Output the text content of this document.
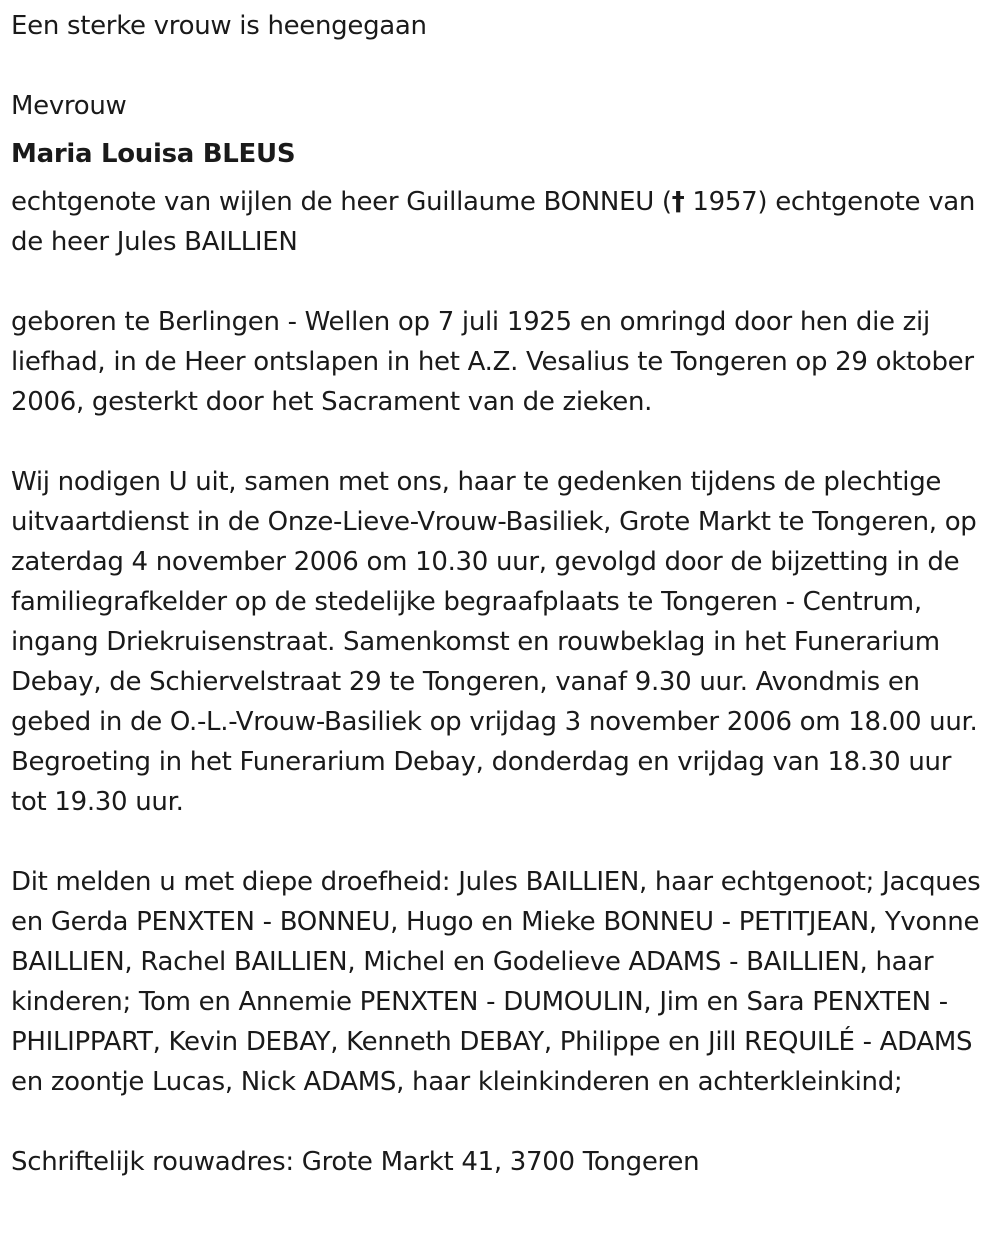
Een sterke vrouw is heengegaan

Mevrouw

Maria Louisa BLEUS

echtgenote van wijlen de heer Guillaume BONNEU († 1957) echtgenote van de heer Jules BAILLIEN

geboren te Berlingen - Wellen op 7 juli 1925 en omringd door hen die zij liefhad, in de Heer ontslapen in het A.Z. Vesalius te Tongeren op 29 oktober 2006, gesterkt door het Sacrament van de zieken.

Wij nodigen U uit, samen met ons, haar te gedenken tijdens de plechtige uitvaartdienst in de Onze-Lieve-Vrouw-Basiliek, Grote Markt te Tongeren, op zaterdag 4 november 2006 om 10.30 uur, gevolgd door de bijzetting in de familiegrafkelder op de stedelijke begraafplaats te Tongeren - Centrum, ingang Driekruisenstraat. Samenkomst en rouwbeklag in het Funerarium Debay, de Schiervelstraat 29 te Tongeren, vanaf 9.30 uur. Avondmis en gebed in de O.-L.-Vrouw-Basiliek op vrijdag 3 november 2006 om 18.00 uur. Begroeting in het Funerarium Debay, donderdag en vrijdag van 18.30 uur tot 19.30 uur.

Dit melden u met diepe droefheid: Jules BAILLIEN, haar echtgenoot; Jacques en Gerda PENXTEN - BONNEU, Hugo en Mieke BONNEU - PETITJEAN, Yvonne BAILLIEN, Rachel BAILLIEN, Michel en Godelieve ADAMS - BAILLIEN, haar kinderen; Tom en Annemie PENXTEN - DUMOULIN, Jim en Sara PENXTEN - PHILIPPART, Kevin DEBAY, Kenneth DEBAY, Philippe en Jill REQUILÉ - ADAMS en zoontje Lucas, Nick ADAMS, haar kleinkinderen en achterkleinkind;

Schriftelijk rouwadres: Grote Markt 41, 3700 Tongeren
